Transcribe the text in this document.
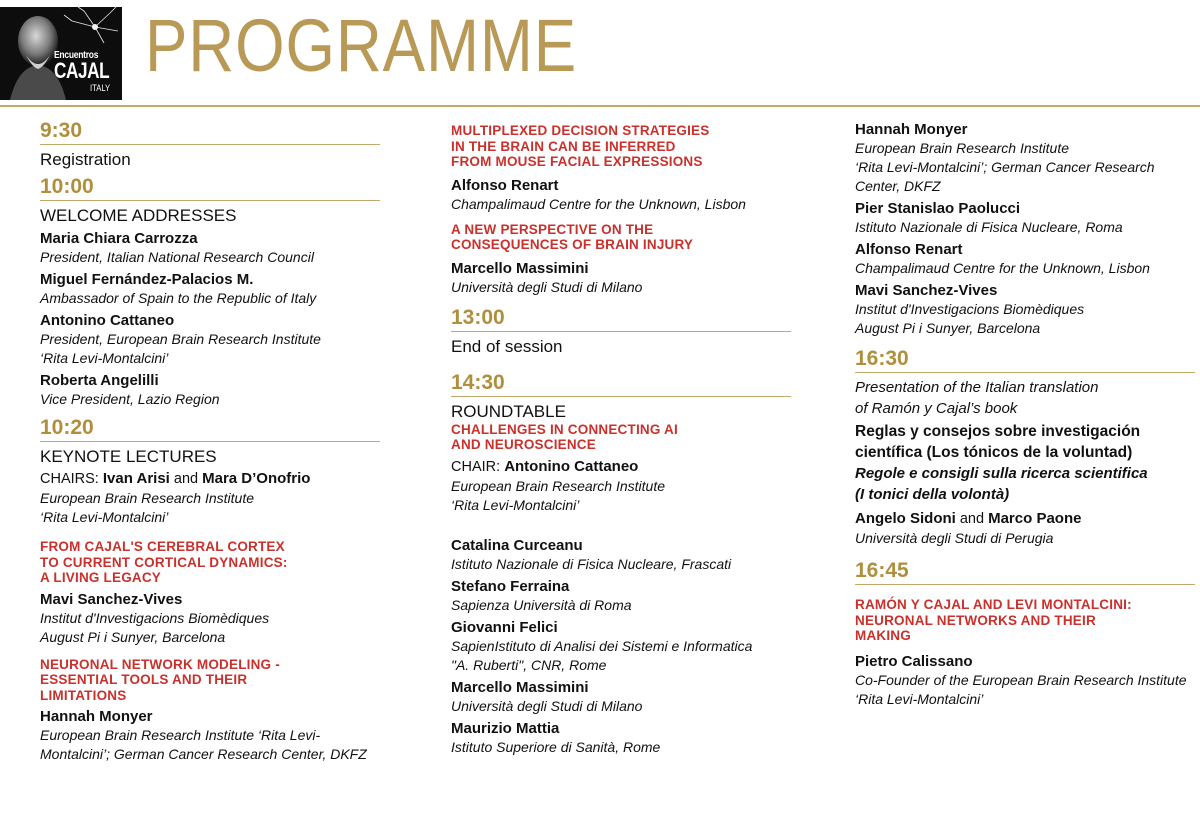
Encuentros
CAJAL
ITALY
PROGRAMME
9:30
Registration
10:00
WELCOME ADDRESSES
Maria Chiara Carrozza
President, Italian National Research Council
Miguel Fernández-Palacios M.
Ambassador of Spain to the Republic of Italy
Antonino Cattaneo
President, European Brain Research Institute
‘Rita Levi-Montalcini’
Roberta Angelilli
Vice President, Lazio Region
10:20
KEYNOTE LECTURES
CHAIRS: Ivan Arisi and Mara D’Onofrio
European Brain Research Institute
‘Rita Levi-Montalcini’
FROM CAJAL'S CEREBRAL CORTEX
TO CURRENT CORTICAL DYNAMICS:
A LIVING LEGACY
Mavi Sanchez-Vives
Institut d'Investigacions Biomèdiques
August Pi i Sunyer, Barcelona
NEURONAL NETWORK MODELING -
ESSENTIAL TOOLS AND THEIR
LIMITATIONS
Hannah Monyer
European Brain Research Institute ‘Rita Levi-
Montalcini’; German Cancer Research Center, DKFZ
MULTIPLEXED DECISION STRATEGIES
IN THE BRAIN CAN BE INFERRED
FROM MOUSE FACIAL EXPRESSIONS
Alfonso Renart
Champalimaud Centre for the Unknown, Lisbon
A NEW PERSPECTIVE ON THE
CONSEQUENCES OF BRAIN INJURY
Marcello Massimini
Università degli Studi di Milano
13:00
End of session
14:30
ROUNDTABLE
CHALLENGES IN CONNECTING AI
AND NEUROSCIENCE
CHAIR: Antonino Cattaneo
European Brain Research Institute
‘Rita Levi-Montalcini’
Catalina Curceanu
Istituto Nazionale di Fisica Nucleare, Frascati
Stefano Ferraina
Sapienza Università di Roma
Giovanni Felici
SapienIstituto di Analisi dei Sistemi e Informatica
"A. Ruberti", CNR, Rome
Marcello Massimini
Università degli Studi di Milano
Maurizio Mattia
Istituto Superiore di Sanità, Rome
Hannah Monyer
European Brain Research Institute
‘Rita Levi-Montalcini’; German Cancer Research
Center, DKFZ
Pier Stanislao Paolucci
Istituto Nazionale di Fisica Nucleare, Roma
Alfonso Renart
Champalimaud Centre for the Unknown, Lisbon
Mavi Sanchez-Vives
Institut d'Investigacions Biomèdiques
August Pi i Sunyer, Barcelona
16:30
Presentation of the Italian translation
of Ramón y Cajal’s book
Reglas y consejos sobre investigación
científica (Los tónicos de la voluntad)
Regole e consigli sulla ricerca scientifica
(I tonici della volontà)
Angelo Sidoni and Marco Paone
Università degli Studi di Perugia
16:45
RAMÓN Y CAJAL AND LEVI MONTALCINI:
NEURONAL NETWORKS AND THEIR
MAKING
Pietro Calissano
Co-Founder of the European Brain Research Institute
‘Rita Levi-Montalcini’
